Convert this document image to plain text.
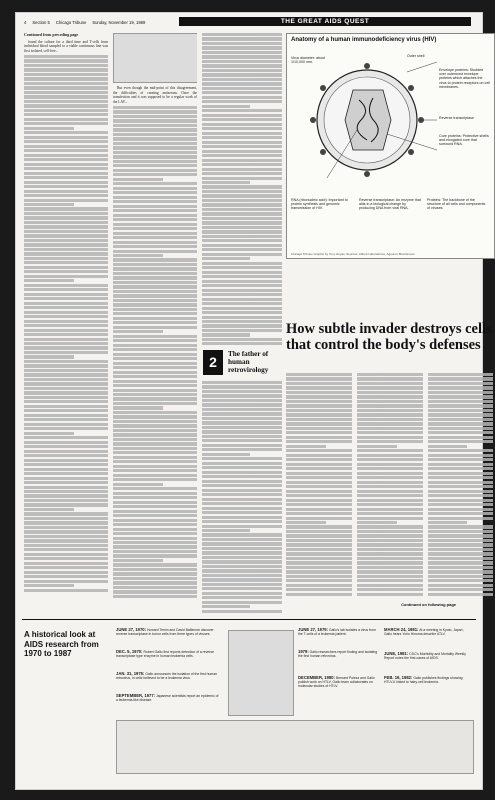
4 Section 5 Chicago Tribune Sunday, November 19, 1989	THE GREAT AIDS QUEST
Continued from preceding page

found the culture for a third time and T-cells from individual blood sampled to a viable continuous line was first isolated, cell-free...

But even though the mid-point of this disagreement, the difficulties of creating antiserum. Once the transfection and it was supposed to be a regular work of the LAV...

2	The father of human retrovirology
Anatomy of a human immunodeficiency virus (HIV)
Outer shell
Virus diameter: about 1/10,000 mm.
Envelope proteins: Studded over outermost envelope proteins which attaches the virus to protein receptors on cell membranes.
Reverse transcriptase
Core proteins: Protective shells and elongated core that surround RNA.
RNA (ribonucleic acid): Important to protein synthesis and genomic transmission of HIV.
Reverse transcriptase: An enzyme that aids in a biological change by producing DNA from viral RNA.
Proteins: The backbone of the structure of all cells and components of viruses.
Chicago Tribune Graphic by Tony Hoyas; Sources: Abbott Laboratories, Agouron Biosciences
How subtle invader destroys cells that control the body's defenses
Continued on following page
A historical look at AIDS research from 1970 to 1987
JUNE 27, 1970: Howard Temin and David Baltimore discover reverse transcriptase in tumor cells from three types of viruses.
DEC. 5, 1970: Robert Gallo first reports detection of a reverse transcriptase type enzyme in human leukemia cells.
JAN. 31, 1975: Gallo announces the isolation of the first human retrovirus, in cells believed to be a leukemia virus.
SEPTEMBER, 1977: Japanese scientists report an epidemic of a leukemia-like disease.
JUNE 27, 1979: Gallo's lab isolates a virus from the T-cells of a leukemia patient.
1979: Gallo researchers report finding and isolating the first human retrovirus.
DECEMBER, 1980: Bernard Poiesz and Gallo publish work on HTLV, Gallo team collaborates on molecular studies of HTLV.
MARCH 24, 1981: At a meeting in Kyoto, Japan, Gallo hears Yorio Hinuma describe ATLV.
JUNE, 1981: CDC's Morbidity and Mortality Weekly Report notes the first cases of AIDS.
FEB. 19, 1982: Gallo publishes findings showing HTLV-II linked to hairy-cell leukemia.
